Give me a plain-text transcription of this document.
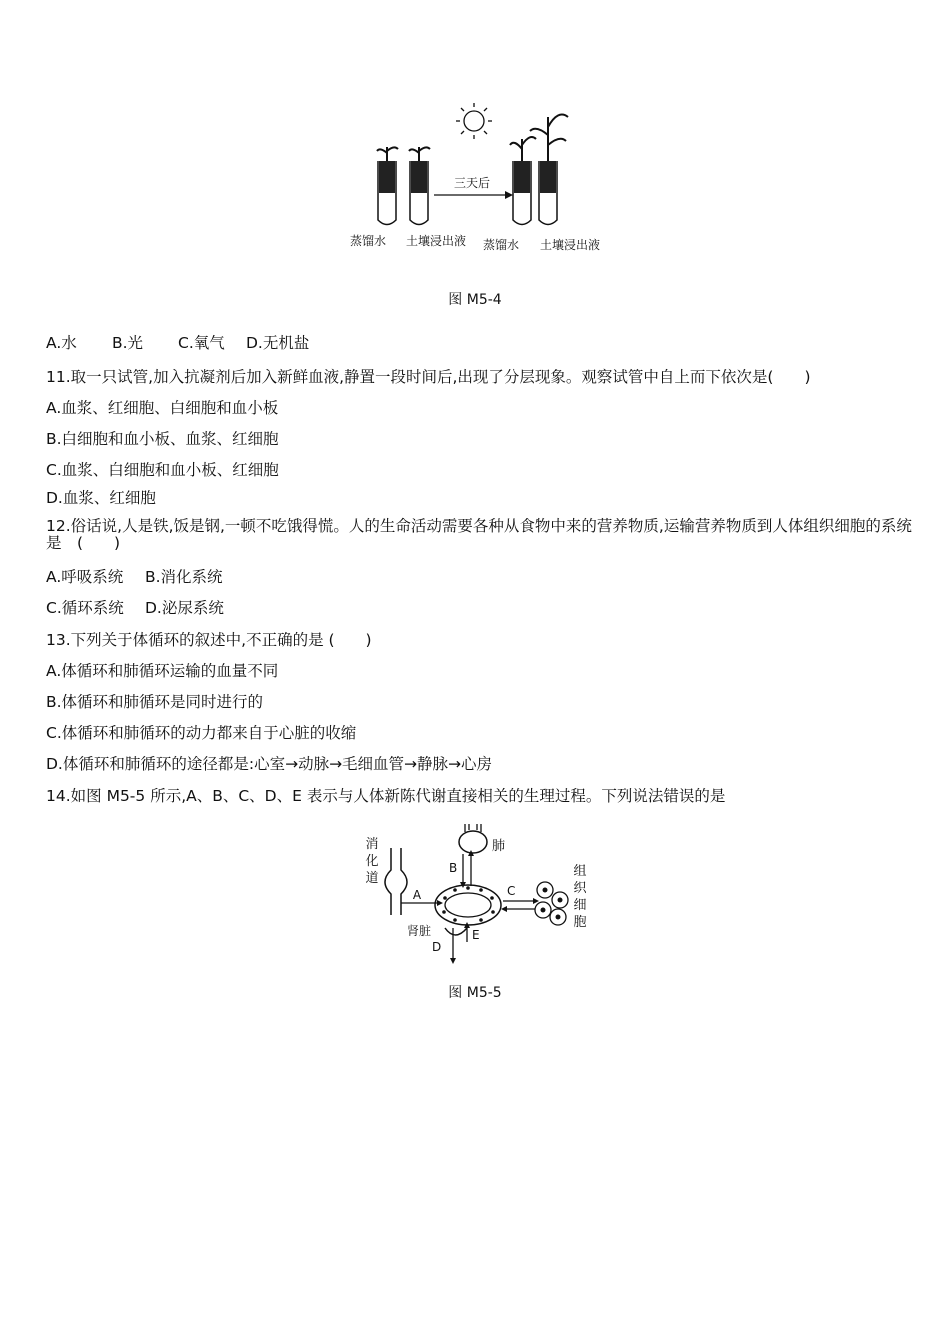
三天后
蒸馏水 土壤浸出液 蒸馏水 土壤浸出液
图 M5-4
A.水 B.光 C.氧气 D.无机盐
11.取一只试管,加入抗凝剂后加入新鲜血液,静置一段时间后,出现了分层现象。观察试管中自上而下依次是(　　)
A.血浆、红细胞、白细胞和血小板
B.白细胞和血小板、血浆、红细胞
C.血浆、白细胞和血小板、红细胞
D.血浆、红细胞
12.俗话说,人是铁,饭是钢,一顿不吃饿得慌。人的生命活动需要各种从食物中来的营养物质,运输营养物质到人体组织细胞的系统是　(　　)
A.呼吸系统 B.消化系统
C.循环系统 D.泌尿系统
13.下列关于体循环的叙述中,不正确的是 (　　)
A.体循环和肺循环运输的血量不同
B.体循环和肺循环是同时进行的
C.体循环和肺循环的动力都来自于心脏的收缩
D.体循环和肺循环的途径都是:心室→动脉→毛细血管→静脉→心房
14.如图 M5-5 所示,A、B、C、D、E 表示与人体新陈代谢直接相关的生理过程。下列说法错误的是
消
化
道
A
肺
B
C
组
织
细
胞
肾脏
D
E
图 M5-5
